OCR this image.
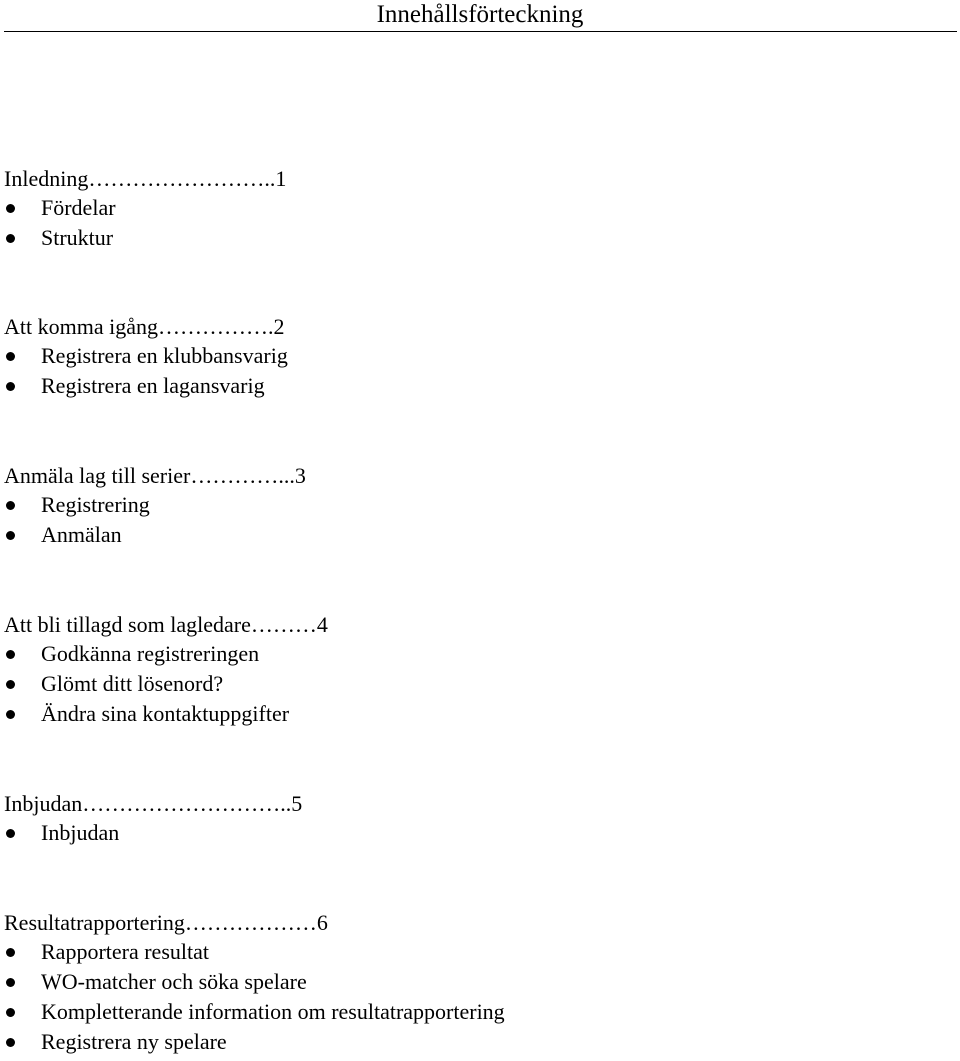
Innehållsförteckning
Inledning……………………..1
Fördelar
Struktur
Att komma igång…………….2
Registrera en klubbansvarig
Registrera en lagansvarig
Anmäla lag till serier…………...3
Registrering
Anmälan
Att bli tillagd som lagledare………4
Godkänna registreringen
Glömt ditt lösenord?
Ändra sina kontaktuppgifter
Inbjudan………………………..5
Inbjudan
Resultatrapportering………………6
Rapportera resultat
WO-matcher och söka spelare
Kompletterande information om resultatrapportering
Registrera ny spelare
